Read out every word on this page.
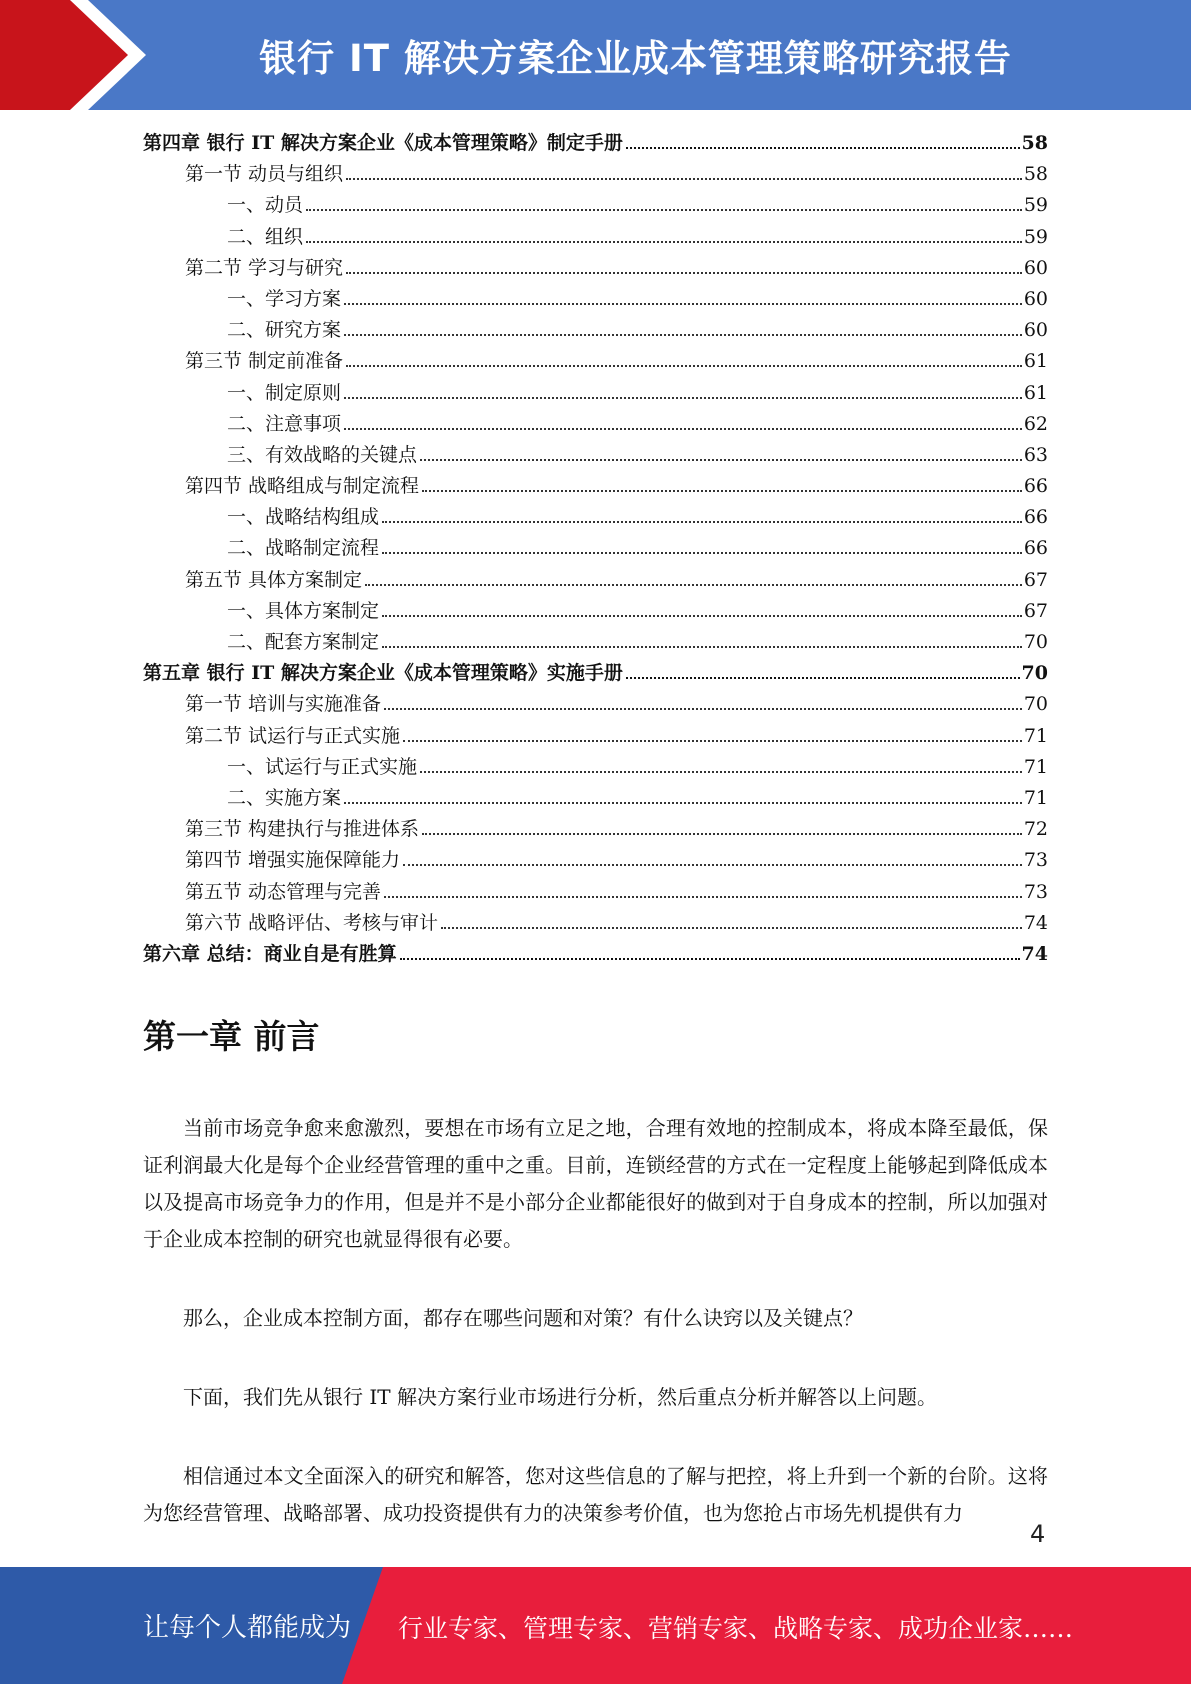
银行 IT 解决方案企业成本管理策略研究报告
第四章 银行 IT 解决方案企业《成本管理策略》制定手册	58
第一节 动员与组织	58
一、动员	59
二、组织	59
第二节 学习与研究	60
一、学习方案	60
二、研究方案	60
第三节 制定前准备	61
一、制定原则	61
二、注意事项	62
三、有效战略的关键点	63
第四节 战略组成与制定流程	66
一、战略结构组成	66
二、战略制定流程	66
第五节 具体方案制定	67
一、具体方案制定	67
二、配套方案制定	70
第五章 银行 IT 解决方案企业《成本管理策略》实施手册	70
第一节 培训与实施准备	70
第二节 试运行与正式实施	71
一、试运行与正式实施	71
二、实施方案	71
第三节 构建执行与推进体系	72
第四节 增强实施保障能力	73
第五节 动态管理与完善	73
第六节 战略评估、考核与审计	74
第六章 总结：商业自是有胜算	74
第一章 前言

当前市场竞争愈来愈激烈，要想在市场有立足之地，合理有效地的控制成本，将成本降至最低，保证利润最大化是每个企业经营管理的重中之重。目前，连锁经营的方式在一定程度上能够起到降低成本以及提高市场竞争力的作用，但是并不是小部分企业都能很好的做到对于自身成本的控制，所以加强对于企业成本控制的研究也就显得很有必要。

那么，企业成本控制方面，都存在哪些问题和对策？有什么诀窍以及关键点？

下面，我们先从银行 IT 解决方案行业市场进行分析，然后重点分析并解答以上问题。

相信通过本文全面深入的研究和解答，您对这些信息的了解与把控，将上升到一个新的台阶。这将为您经营管理、战略部署、成功投资提供有力的决策参考价值，也为您抢占市场先机提供有力

4
让每个人都能成为 行业专家、管理专家、营销专家、战略专家、成功企业家……
